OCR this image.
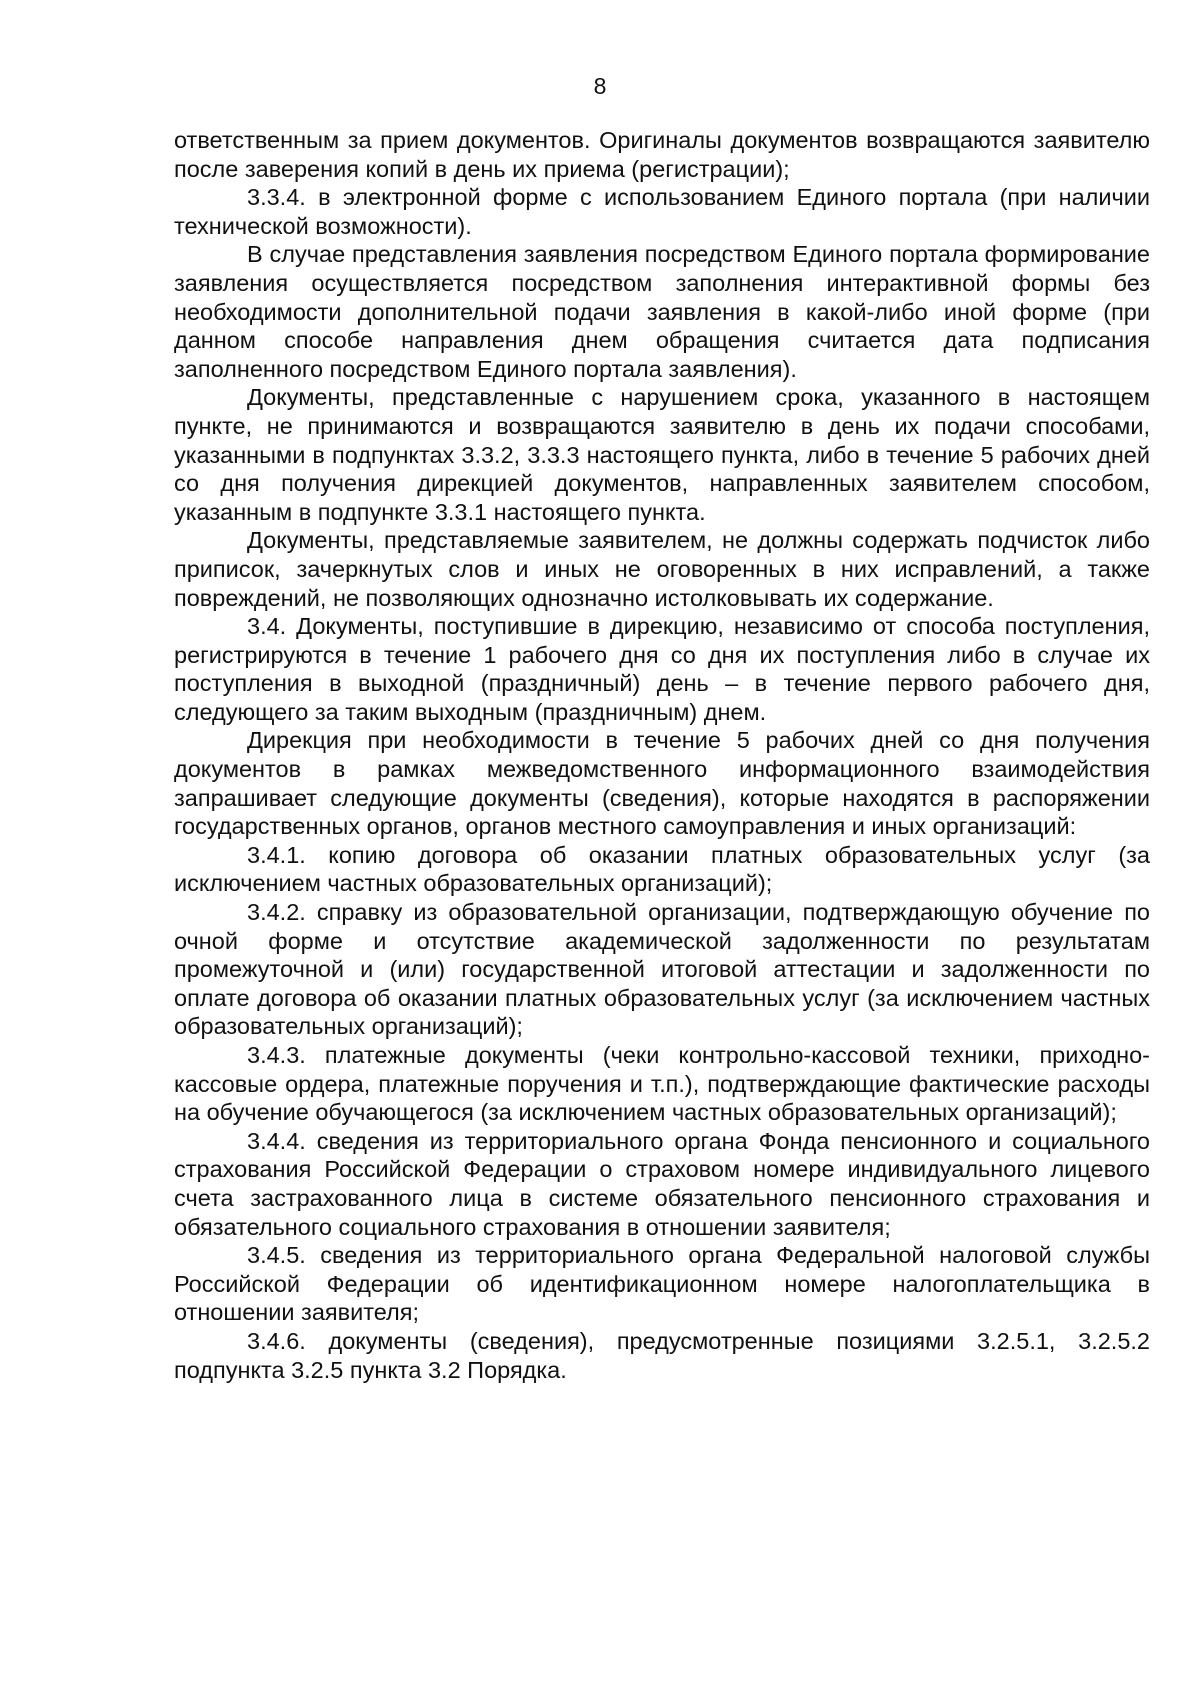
8

ответственным за прием документов. Оригиналы документов возвращаются заявителю после заверения копий в день их приема (регистрации);

3.3.4. в электронной форме с использованием Единого портала (при наличии технической возможности).

В случае представления заявления посредством Единого портала формирование заявления осуществляется посредством заполнения интерактивной формы без необходимости дополнительной подачи заявления в какой-либо иной форме (при данном способе направления днем обращения считается дата подписания заполненного посредством Единого портала заявления).

Документы, представленные с нарушением срока, указанного в настоящем пункте, не принимаются и возвращаются заявителю в день их подачи способами, указанными в подпунктах 3.3.2, 3.3.3 настоящего пункта, либо в течение 5 рабочих дней со дня получения дирекцией документов, направленных заявителем способом, указанным в подпункте 3.3.1 настоящего пункта.

Документы, представляемые заявителем, не должны содержать подчисток либо приписок, зачеркнутых слов и иных не оговоренных в них исправлений, а также повреждений, не позволяющих однозначно истолковывать их содержание.

3.4. Документы, поступившие в дирекцию, независимо от способа поступления, регистрируются в течение 1 рабочего дня со дня их поступления либо в случае их поступления в выходной (праздничный) день – в течение первого рабочего дня, следующего за таким выходным (праздничным) днем.

Дирекция при необходимости в течение 5 рабочих дней со дня получения документов в рамках межведомственного информационного взаимодействия запрашивает следующие документы (сведения), которые находятся в распоряжении государственных органов, органов местного самоуправления и иных организаций:

3.4.1. копию договора об оказании платных образовательных услуг (за исключением частных образовательных организаций);

3.4.2. справку из образовательной организации, подтверждающую обучение по очной форме и отсутствие академической задолженности по результатам промежуточной и (или) государственной итоговой аттестации и задолженности по оплате договора об оказании платных образовательных услуг (за исключением частных образовательных организаций);

3.4.3. платежные документы (чеки контрольно-кассовой техники, приходно-кассовые ордера, платежные поручения и т.п.), подтверждающие фактические расходы на обучение обучающегося (за исключением частных образовательных организаций);

3.4.4. сведения из территориального органа Фонда пенсионного и социального страхования Российской Федерации о страховом номере индивидуального лицевого счета застрахованного лица в системе обязательного пенсионного страхования и обязательного социального страхования в отношении заявителя;

3.4.5. сведения из территориального органа Федеральной налоговой службы Российской Федерации об идентификационном номере налогоплательщика в отношении заявителя;

3.4.6. документы (сведения), предусмотренные позициями 3.2.5.1, 3.2.5.2 подпункта 3.2.5 пункта 3.2 Порядка.
